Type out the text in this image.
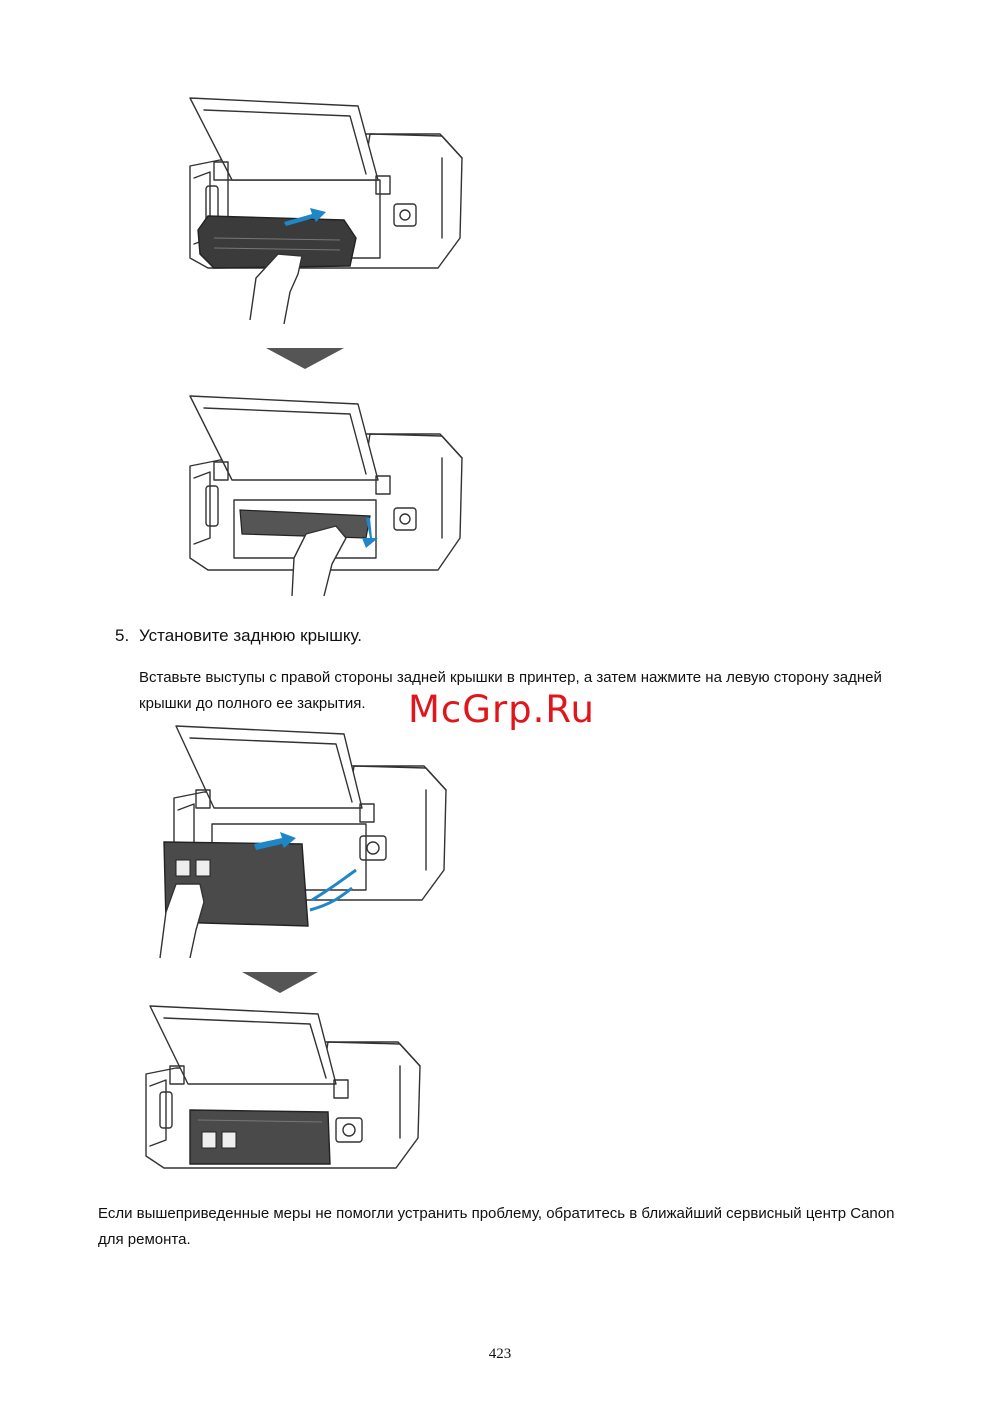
5. Установите заднюю крышку.
Вставьте выступы с правой стороны задней крышки в принтер, а затем нажмите на левую сторону задней крышки до полного ее закрытия.	McGrp.Ru
Если вышеприведенные меры не помогли устранить проблему, обратитесь в ближайший сервисный центр Canon для ремонта.
423
